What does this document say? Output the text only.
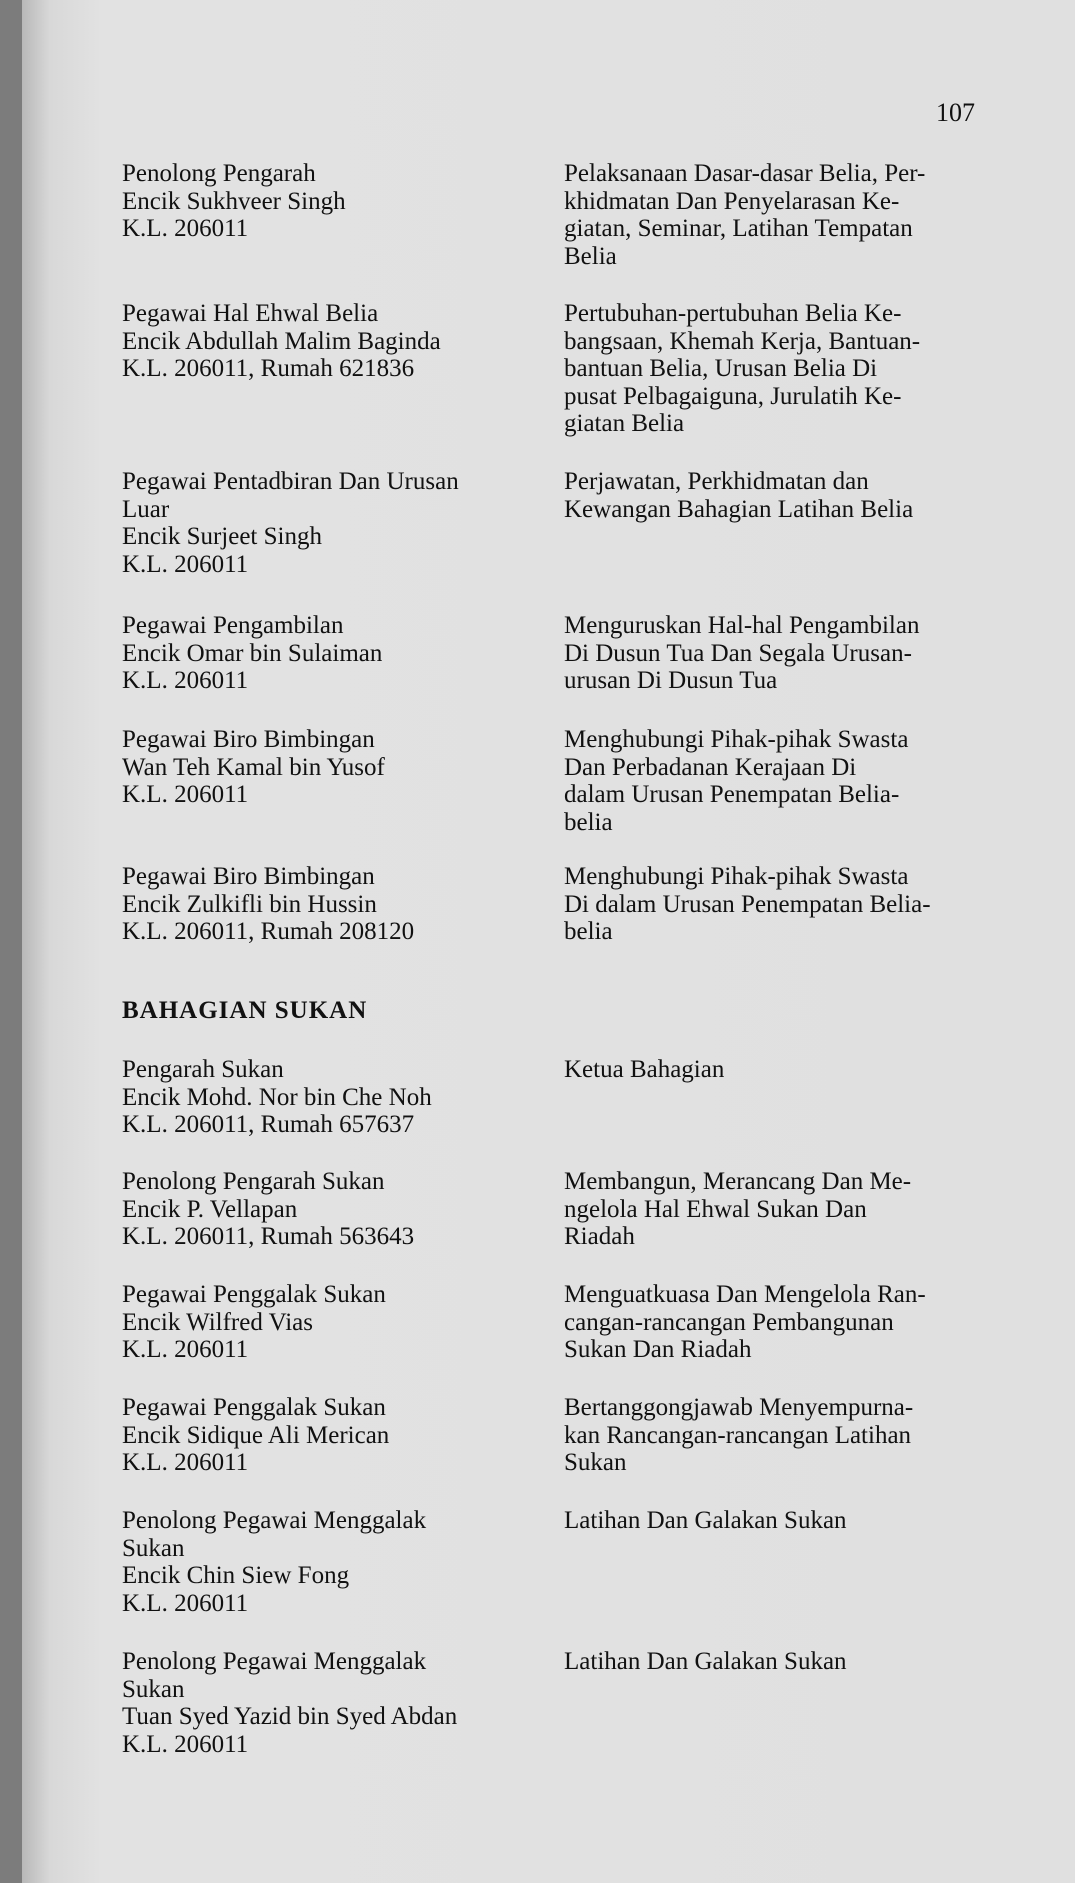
107
Penolong Pengarah
Encik Sukhveer Singh
K.L. 206011
Pelaksanaan Dasar-dasar Belia, Per-
khidmatan Dan Penyelarasan Ke-
giatan, Seminar, Latihan Tempatan
Belia
Pegawai Hal Ehwal Belia
Encik Abdullah Malim Baginda
K.L. 206011, Rumah 621836
Pertubuhan-pertubuhan Belia Ke-
bangsaan, Khemah Kerja, Bantuan-
bantuan Belia, Urusan Belia Di
pusat Pelbagaiguna, Jurulatih Ke-
giatan Belia
Pegawai Pentadbiran Dan Urusan
Luar
Encik Surjeet Singh
K.L. 206011
Perjawatan, Perkhidmatan dan
Kewangan Bahagian Latihan Belia
Pegawai Pengambilan
Encik Omar bin Sulaiman
K.L. 206011
Menguruskan Hal-hal Pengambilan
Di Dusun Tua Dan Segala Urusan-
urusan Di Dusun Tua
Pegawai Biro Bimbingan
Wan Teh Kamal bin Yusof
K.L. 206011
Menghubungi Pihak-pihak Swasta
Dan Perbadanan Kerajaan Di
dalam Urusan Penempatan Belia-
belia
Pegawai Biro Bimbingan
Encik Zulkifli bin Hussin
K.L. 206011, Rumah 208120
Menghubungi Pihak-pihak Swasta
Di dalam Urusan Penempatan Belia-
belia
BAHAGIAN SUKAN
Pengarah Sukan
Encik Mohd. Nor bin Che Noh
K.L. 206011, Rumah 657637
Ketua Bahagian
Penolong Pengarah Sukan
Encik P. Vellapan
K.L. 206011, Rumah 563643
Membangun, Merancang Dan Me-
ngelola Hal Ehwal Sukan Dan
Riadah
Pegawai Penggalak Sukan
Encik Wilfred Vias
K.L. 206011
Menguatkuasa Dan Mengelola Ran-
cangan-rancangan Pembangunan
Sukan Dan Riadah
Pegawai Penggalak Sukan
Encik Sidique Ali Merican
K.L. 206011
Bertanggongjawab Menyempurna-
kan Rancangan-rancangan Latihan
Sukan
Penolong Pegawai Menggalak
Sukan
Encik Chin Siew Fong
K.L. 206011
Latihan Dan Galakan Sukan
Penolong Pegawai Menggalak
Sukan
Tuan Syed Yazid bin Syed Abdan
K.L. 206011
Latihan Dan Galakan Sukan
